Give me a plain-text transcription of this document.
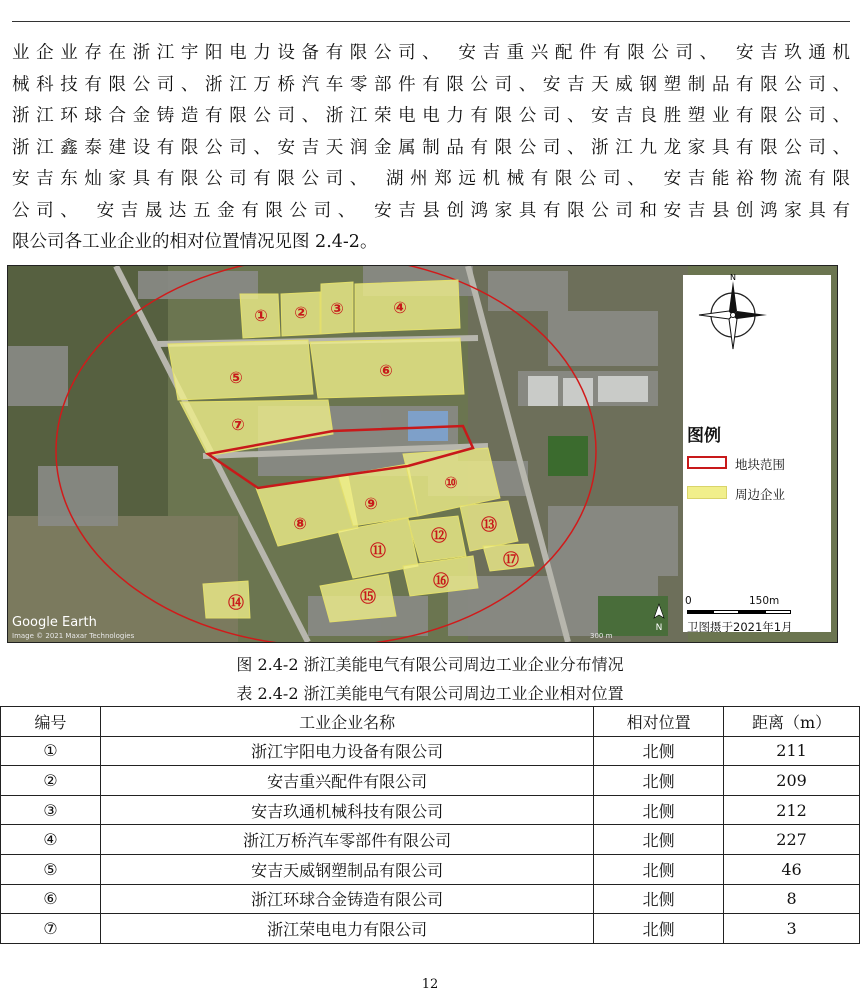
业企业存在浙江宇阳电力设备有限公司、 安吉重兴配件有限公司、 安吉玖通机
械科技有限公司、浙江万桥汽车零部件有限公司、安吉天威钢塑制品有限公司、
浙江环球合金铸造有限公司、浙江荣电电力有限公司、安吉良胜塑业有限公司、
浙江鑫泰建设有限公司、安吉天润金属制品有限公司、浙江九龙家具有限公司、
安吉东灿家具有限公司有限公司、 湖州郑远机械有限公司、 安吉能裕物流有限
公司、 安吉晟达五金有限公司、 安吉县创鸿家具有限公司和安吉县创鸿家具有
限公司各工业企业的相对位置情况见图 2.4-2。

① ② ③	④
⑤	⑥
⑦
⑧
⑨
⑩
⑪
⑫
⑬
⑭	⑮
⑯
⑰
Google Earth
Image © 2021 Maxar Technologies	300 m
N
N
图例
地块范围
周边企业
0	150m
卫图摄于2021年1月
图 2.4-2 浙江美能电气有限公司周边工业企业分布情况
表 2.4-2 浙江美能电气有限公司周边工业企业相对位置
编号	工业企业名称	相对位置	距离（m）
①	浙江宇阳电力设备有限公司	北侧	211
②	安吉重兴配件有限公司	北侧	209
③	安吉玖通机械科技有限公司	北侧	212
④	浙江万桥汽车零部件有限公司	北侧	227
⑤	安吉天威钢塑制品有限公司	北侧	46
⑥	浙江环球合金铸造有限公司	北侧	8
⑦	浙江荣电电力有限公司	北侧	3
12
